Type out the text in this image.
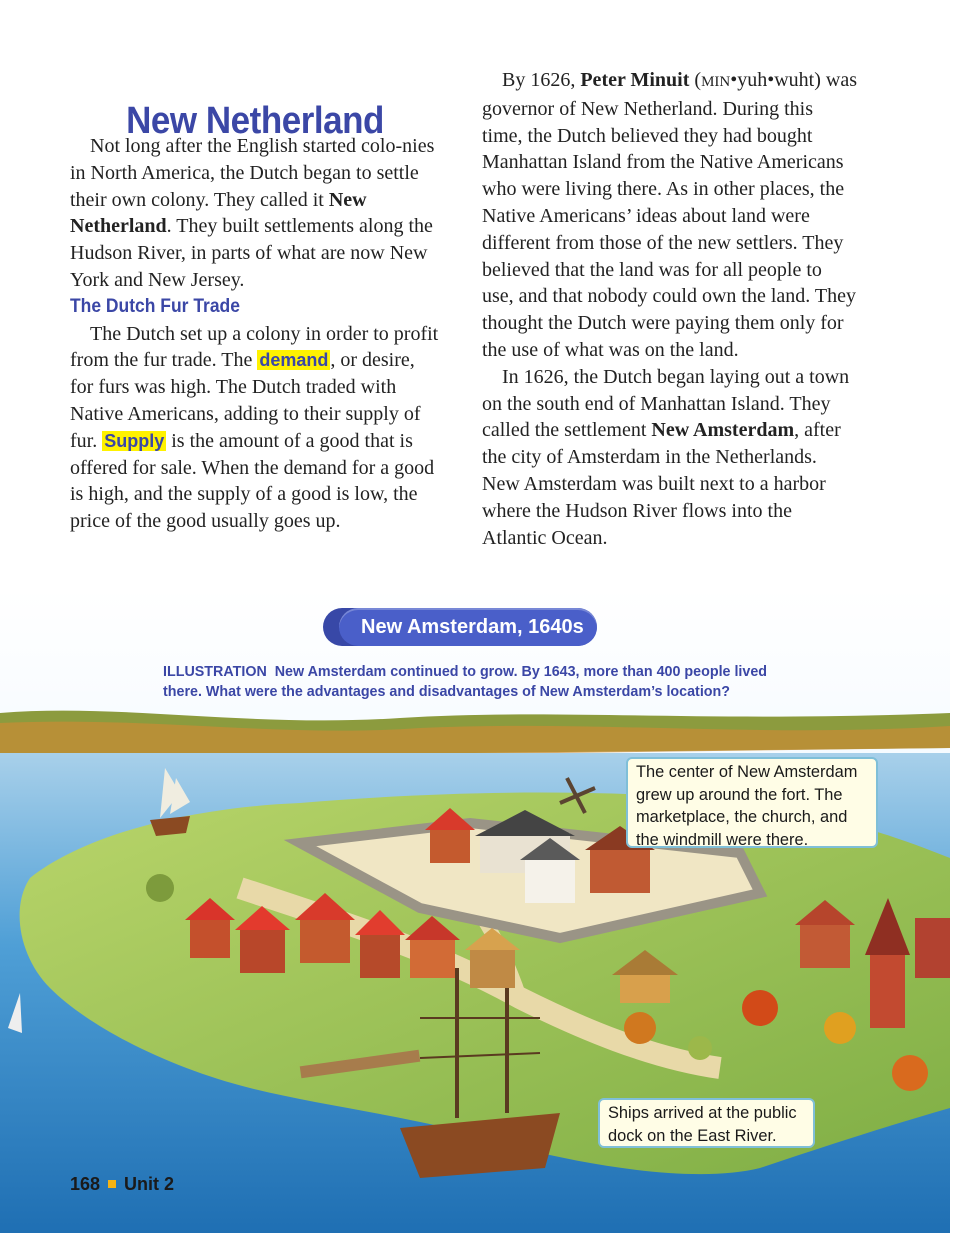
New Netherland

Not long after the English started colo-nies in North America, the Dutch began to settle their own colony. They called it New Netherland. They built settlements along the Hudson River, in parts of what are now New York and New Jersey.

The Dutch Fur Trade

The Dutch set up a colony in order to profit from the fur trade. The demand , or desire, for furs was high. The Dutch traded with Native Americans, adding to their supply of fur. Supply is the amount of a good that is offered for sale. When the demand for a good is high, and the supply of a good is low, the price of the good usually goes up.

By 1626, Peter Minuit (MIN•yuh•wuht) was governor of New Netherland. During this time, the Dutch believed they had bought Manhattan Island from the Native Americans who were living there. As in other places, the Native Americans’ ideas about land were different from those of the new settlers. They believed that the land was for all people to use, and that nobody could own the land. They thought the Dutch were paying them only for the use of what was on the land.

In 1626, the Dutch began laying out a town on the south end of Manhattan Island. They called the settlement New Amsterdam, after the city of Amsterdam in the Netherlands. New Amsterdam was built next to a harbor where the Hudson River flows into the Atlantic Ocean.

New Amsterdam, 1640s
ILLUSTRATION New Amsterdam continued to grow. By 1643, more than 400 people lived there. What were the advantages and disadvantages of New Amsterdam’s location?
The center of New Amsterdam grew up around the fort. The marketplace, the church, and the windmill were there.
Ships arrived at the public dock on the East River.
168 Unit 2
